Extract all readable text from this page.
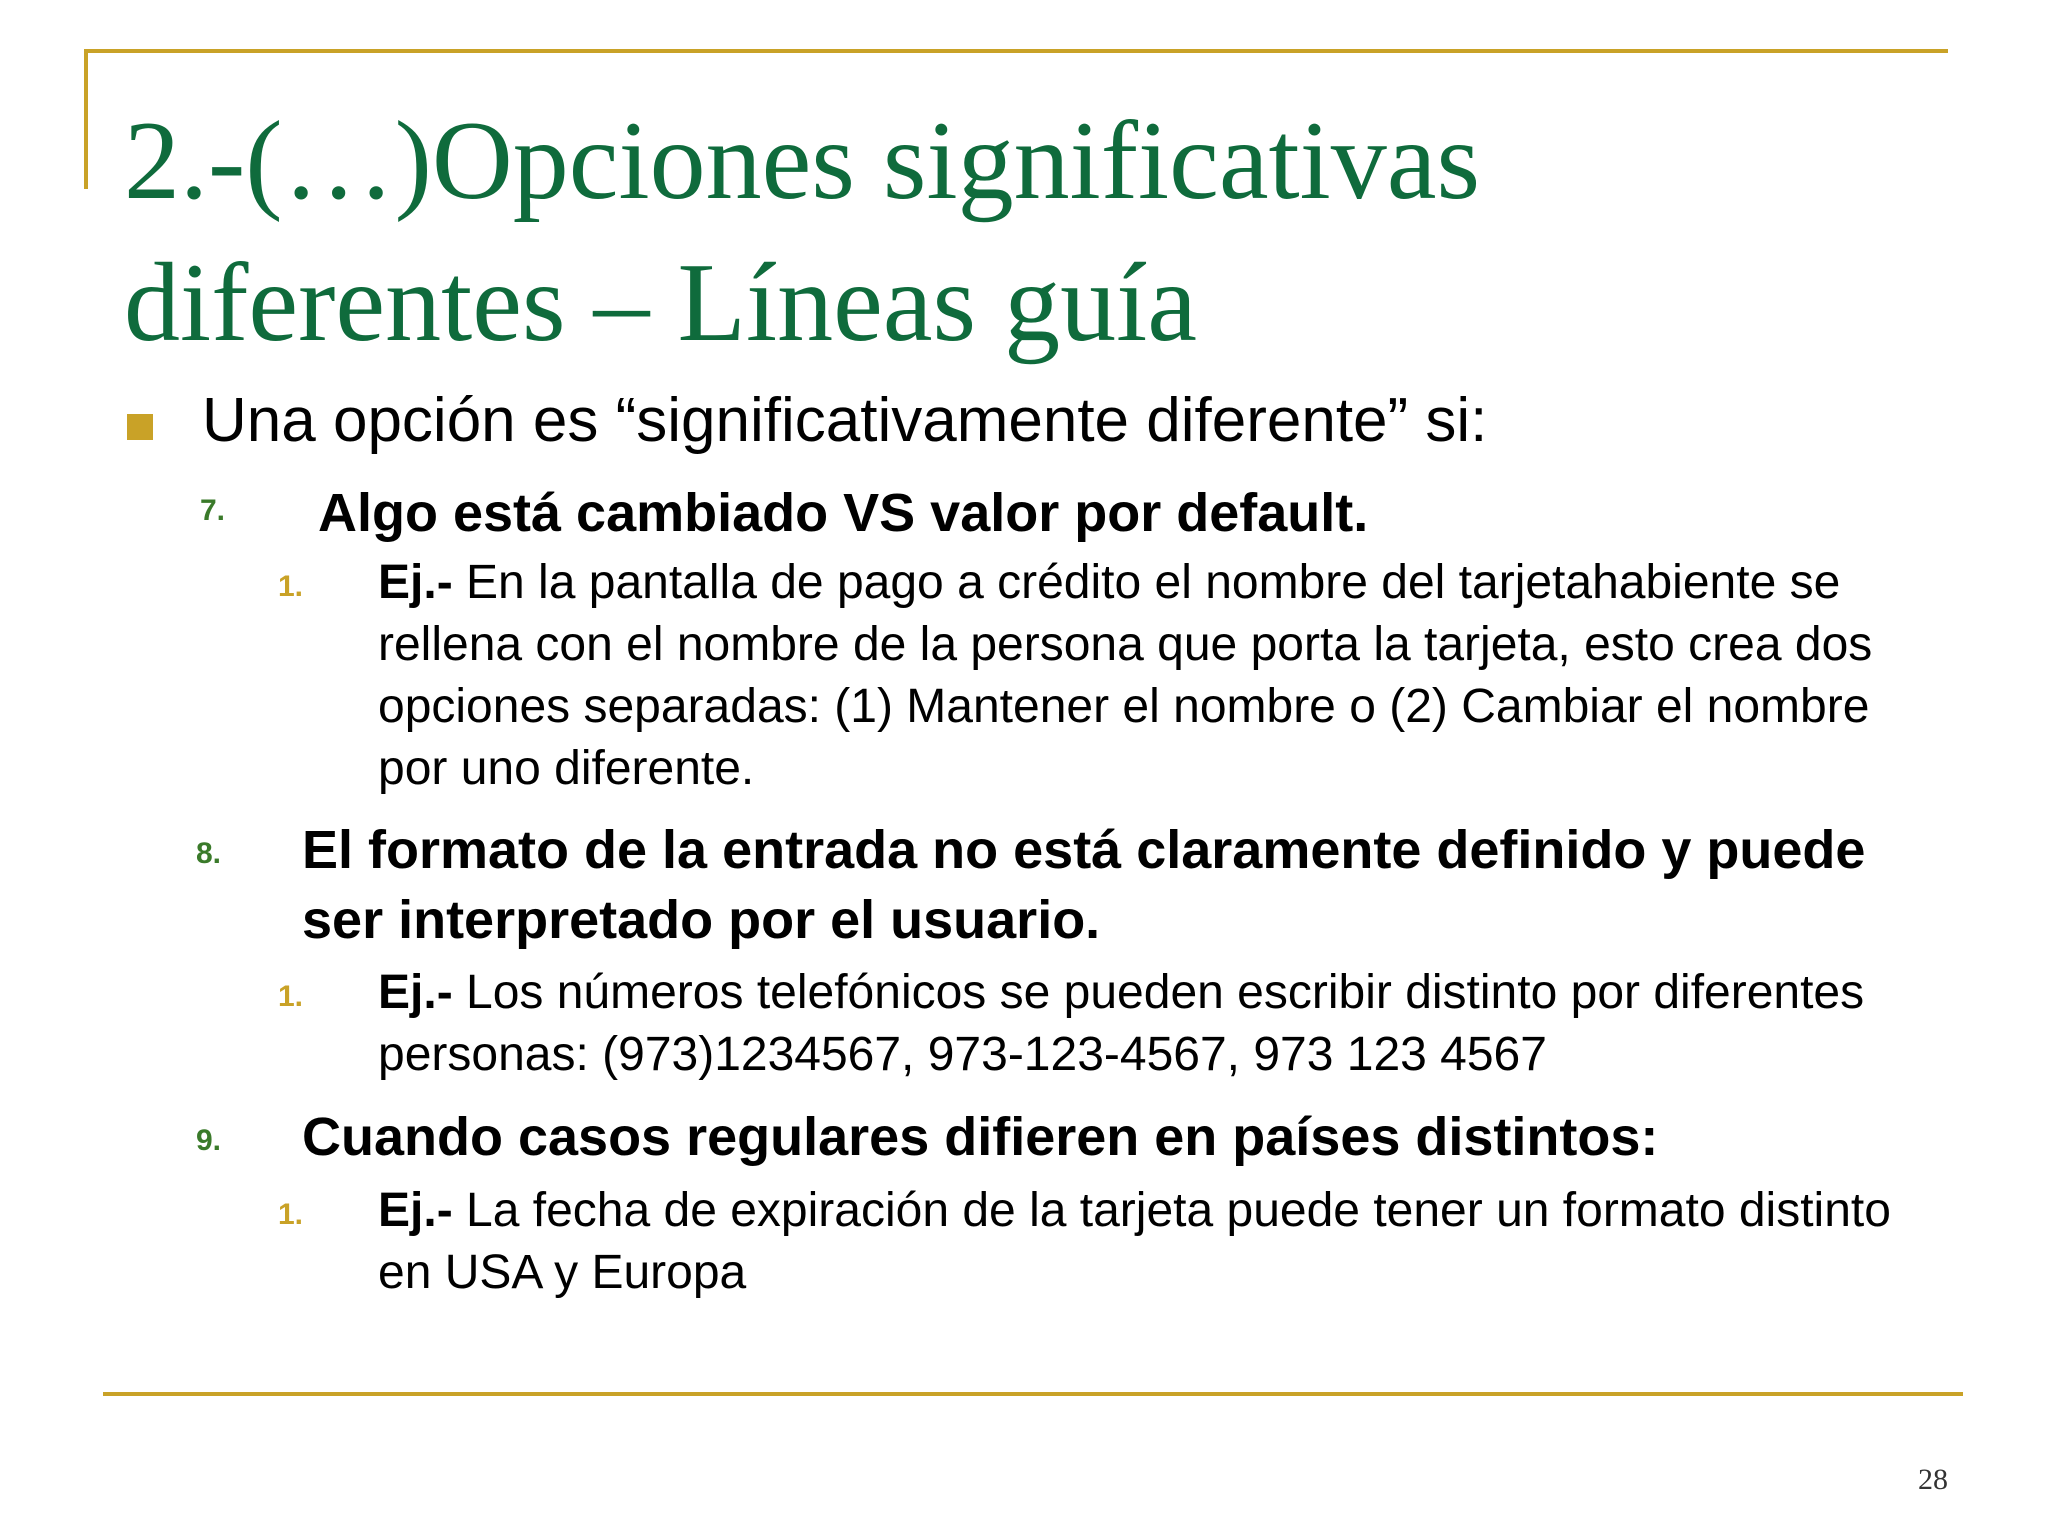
2.-(…)Opciones significativas diferentes – Líneas guía
Una opción es “significativamente diferente” si:
7. Algo está cambiado VS valor por default.
1. Ej.- En la pantalla de pago a crédito el nombre del tarjetahabiente se rellena con el nombre de la persona que porta la tarjeta, esto crea dos opciones separadas: (1) Mantener el nombre o (2) Cambiar el nombre por uno diferente.
8. El formato de la entrada no está claramente definido y puede ser interpretado por el usuario.
1. Ej.- Los números telefónicos se pueden escribir distinto por diferentes personas: (973)1234567, 973-123-4567, 973 123 4567
9. Cuando casos regulares difieren en países distintos:
1. Ej.- La fecha de expiración de la tarjeta puede tener un formato distinto en USA y Europa
28
